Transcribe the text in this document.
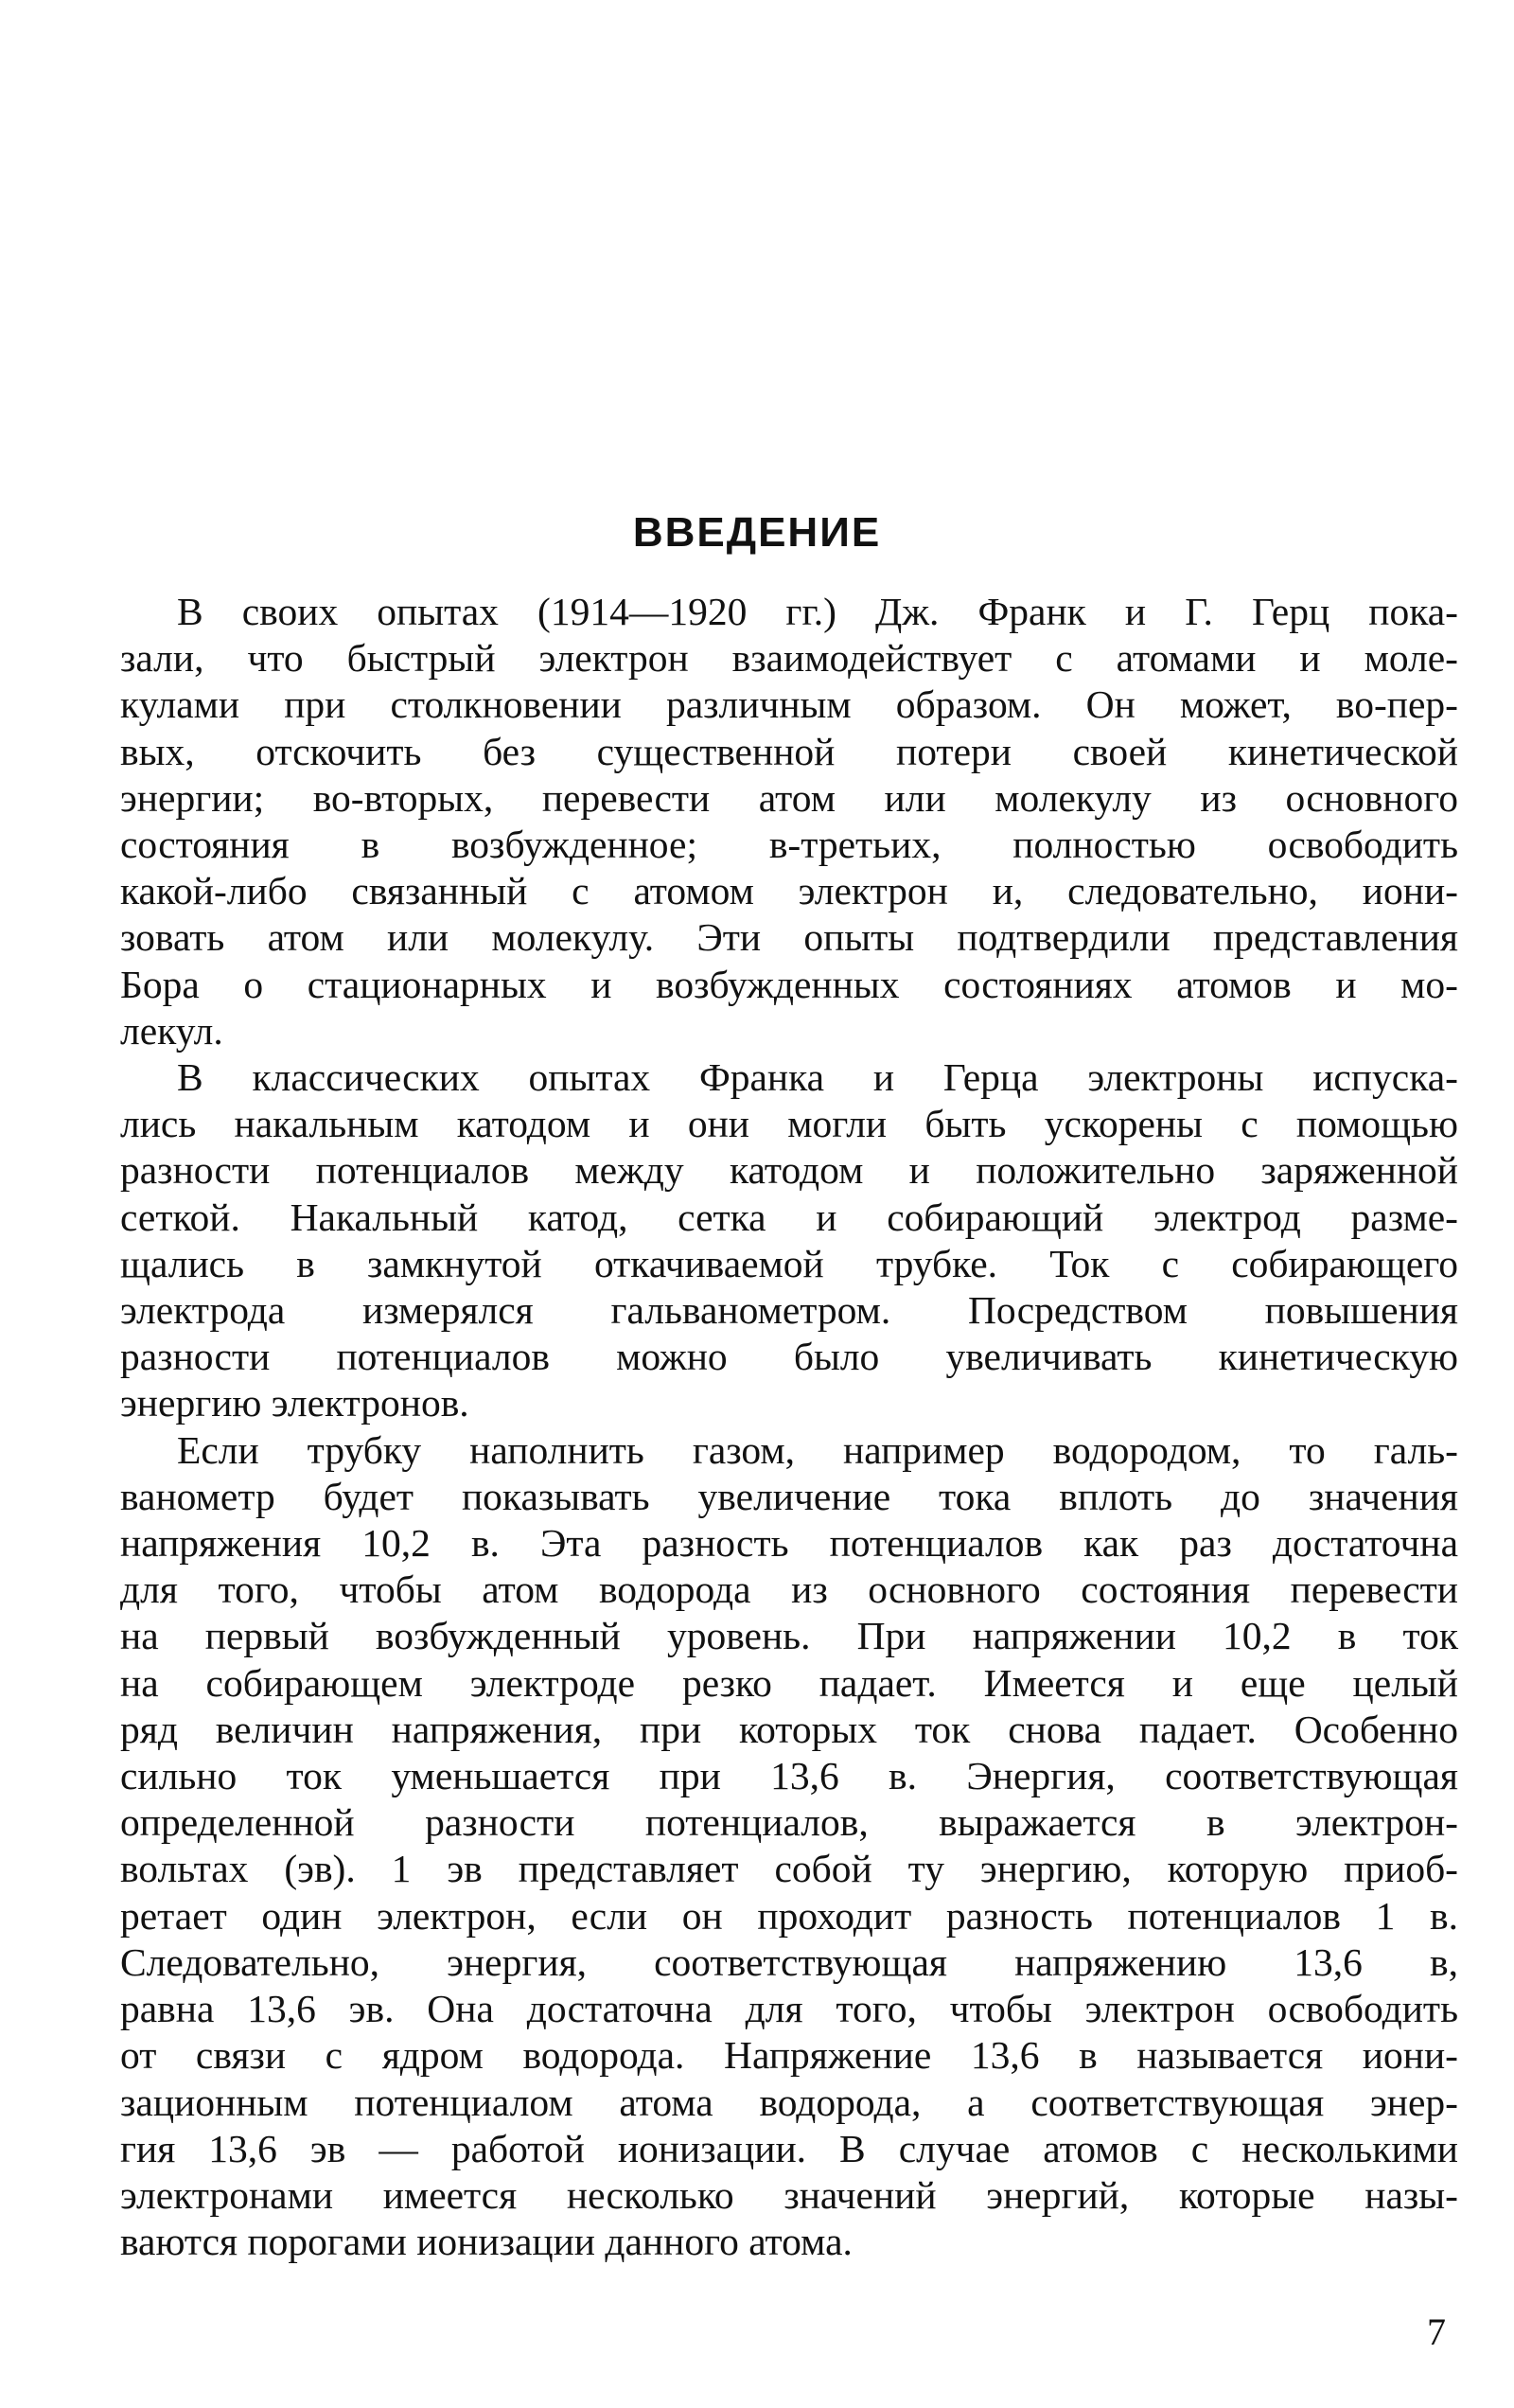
ВВЕДЕНИЕ

В своих опытах (1914—1920 гг.) Дж. Франк и Г. Герц пока-
зали, что быстрый электрон взаимодействует с атомами и моле-
кулами при столкновении различным образом. Он может, во-пер-
вых, отскочить без существенной потери своей кинетической
энергии; во-вторых, перевести атом или молекулу из основного
состояния в возбужденное; в-третьих, полностью освободить
какой-либо связанный с атомом электрон и, следовательно, иони-
зовать атом или молекулу. Эти опыты подтвердили представления
Бора о стационарных и возбужденных состояниях атомов и мо-
лекул.

В классических опытах Франка и Герца электроны испуска-
лись накальным катодом и они могли быть ускорены с помощью
разности потенциалов между катодом и положительно заряженной
сеткой. Накальный катод, сетка и собирающий электрод разме-
щались в замкнутой откачиваемой трубке. Ток с собирающего
электрода измерялся гальванометром. Посредством повышения
разности потенциалов можно было увеличивать кинетическую
энергию электронов.

Если трубку наполнить газом, например водородом, то галь-
ванометр будет показывать увеличение тока вплоть до значения
напряжения 10,2 в. Эта разность потенциалов как раз достаточна
для того, чтобы атом водорода из основного состояния перевести
на первый возбужденный уровень. При напряжении 10,2 в ток
на собирающем электроде резко падает. Имеется и еще целый
ряд величин напряжения, при которых ток снова падает. Особенно
сильно ток уменьшается при 13,6 в. Энергия, соответствующая
определенной разности потенциалов, выражается в электрон-
вольтах (эв). 1 эв представляет собой ту энергию, которую приоб-
ретает один электрон, если он проходит разность потенциалов 1 в.
Следовательно, энергия, соответствующая напряжению 13,6 в,
равна 13,6 эв. Она достаточна для того, чтобы электрон освободить
от связи с ядром водорода. Напряжение 13,6 в называется иони-
зационным потенциалом атома водорода, а соответствующая энер-
гия 13,6 эв — работой ионизации. В случае атомов с несколькими
электронами имеется несколько значений энергий, которые назы-
ваются порогами ионизации данного атома.

7
